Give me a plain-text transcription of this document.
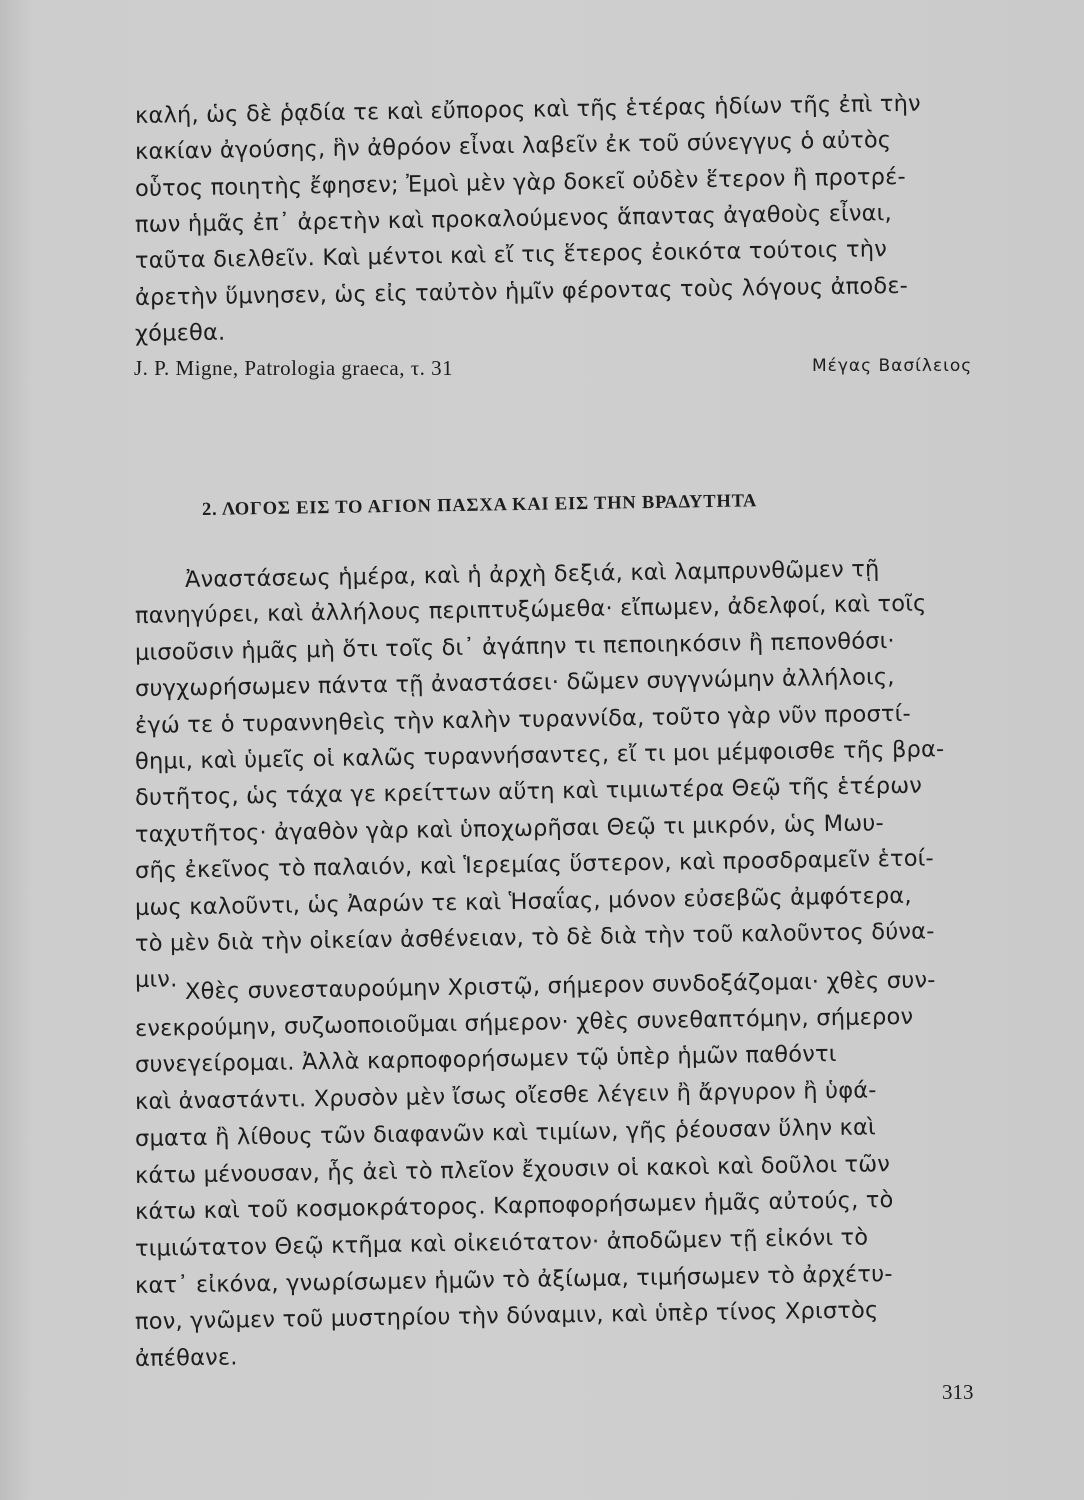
καλή, ὡς δὲ ῥᾳδία τε καὶ εὔπορος καὶ τῆς ἑτέρας ἡδίων τῆς ἐπὶ τὴν
κακίαν ἀγούσης, ἣν ἀθρόον εἶναι λαβεῖν ἐκ τοῦ σύνεγγυς ὁ αὐτὸς
οὗτος ποιητὴς ἔφησεν; Ἐμοὶ μὲν γὰρ δοκεῖ οὐδὲν ἕτερον ἢ προτρέ-
πων ἡμᾶς ἐπ᾽ ἀρετὴν καὶ προκαλούμενος ἅπαντας ἀγαθοὺς εἶναι,
ταῦτα διελθεῖν. Καὶ μέντοι καὶ εἴ τις ἕτερος ἐοικότα τούτοις τὴν
ἀρετὴν ὕμνησεν, ὡς εἰς ταὐτὸν ἡμῖν φέροντας τοὺς λόγους ἀποδε-
χόμεθα.
J. P. Migne, Patrologia graeca, τ. 31	Μέγας Βασίλειος
2. ΛΟΓΟΣ ΕΙΣ ΤΟ ΑΓΙΟΝ ΠΑΣΧΑ ΚΑΙ ΕΙΣ ΤΗΝ ΒΡΑΔΥΤΗΤΑ
Ἀναστάσεως ἡμέρα, καὶ ἡ ἀρχὴ δεξιά, καὶ λαμπρυνθῶμεν τῇ
πανηγύρει, καὶ ἀλλήλους περιπτυξώμεθα· εἴπωμεν, ἀδελφοί, καὶ τοῖς
μισοῦσιν ἡμᾶς μὴ ὅτι τοῖς δι᾽ ἀγάπην τι πεποιηκόσιν ἢ πεπονθόσι·
συγχωρήσωμεν πάντα τῇ ἀναστάσει· δῶμεν συγγνώμην ἀλλήλοις,
ἐγώ τε ὁ τυραννηθεὶς τὴν καλὴν τυραννίδα, τοῦτο γὰρ νῦν προστί-
θημι, καὶ ὑμεῖς οἱ καλῶς τυραννήσαντες, εἴ τι μοι μέμφοισθε τῆς βρα-
δυτῆτος, ὡς τάχα γε κρείττων αὕτη καὶ τιμιωτέρα Θεῷ τῆς ἑτέρων
ταχυτῆτος· ἀγαθὸν γὰρ καὶ ὑποχωρῆσαι Θεῷ τι μικρόν, ὡς Μωυ-
σῆς ἐκεῖνος τὸ παλαιόν, καὶ Ἱερεμίας ὕστερον, καὶ προσδραμεῖν ἑτοί-
μως καλοῦντι, ὡς Ἀαρών τε καὶ Ἡσαΐας, μόνον εὐσεβῶς ἀμφότερα,
τὸ μὲν διὰ τὴν οἰκείαν ἀσθένειαν, τὸ δὲ διὰ τὴν τοῦ καλοῦντος δύνα-
μιν. Χθὲς συνεσταυρούμην Χριστῷ, σήμερον συνδοξάζομαι· χθὲς συν-
ενεκρούμην, συζωοποιοῦμαι σήμερον· χθὲς συνεθαπτόμην, σήμερον
συνεγείρομαι. Ἀλλὰ καρποφορήσωμεν τῷ ὑπὲρ ἡμῶν παθόντι
καὶ ἀναστάντι. Χρυσὸν μὲν ἴσως οἴεσθε λέγειν ἢ ἄργυρον ἢ ὑφά-
σματα ἢ λίθους τῶν διαφανῶν καὶ τιμίων, γῆς ῥέουσαν ὕλην καὶ
κάτω μένουσαν, ἧς ἀεὶ τὸ πλεῖον ἔχουσιν οἱ κακοὶ καὶ δοῦλοι τῶν
κάτω καὶ τοῦ κοσμοκράτορος. Καρποφορήσωμεν ἡμᾶς αὐτούς, τὸ
τιμιώτατον Θεῷ κτῆμα καὶ οἰκειότατον· ἀποδῶμεν τῇ εἰκόνι τὸ
κατ᾽ εἰκόνα, γνωρίσωμεν ἡμῶν τὸ ἀξίωμα, τιμήσωμεν τὸ ἀρχέτυ-
πον, γνῶμεν τοῦ μυστηρίου τὴν δύναμιν, καὶ ὑπὲρ τίνος Χριστὸς
ἀπέθανε.
313
